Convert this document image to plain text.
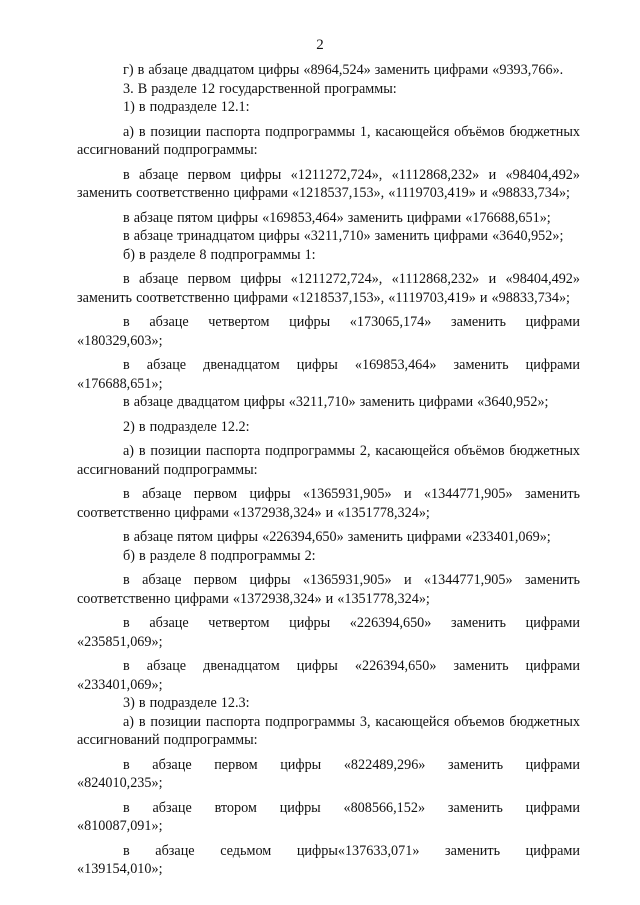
2

г) в абзаце двадцатом цифры «8964,524» заменить цифрами «9393,766».

3. В разделе 12 государственной программы:

1) в подразделе 12.1:

а) в позиции паспорта подпрограммы 1, касающейся объёмов бюджетных ассигнований подпрограммы:

в абзаце первом цифры «1211272,724», «1112868,232» и «98404,492» заменить соответственно цифрами «1218537,153», «1119703,419» и «98833,734»;

в абзаце пятом цифры «169853,464» заменить цифрами «176688,651»;

в абзаце тринадцатом цифры «3211,710» заменить цифрами «3640,952»;

б) в разделе 8 подпрограммы 1:

в абзаце первом цифры «1211272,724», «1112868,232» и «98404,492» заменить соответственно цифрами «1218537,153», «1119703,419» и «98833,734»;

в абзаце четвертом цифры «173065,174» заменить цифрами «180329,603»;

в абзаце двенадцатом цифры «169853,464» заменить цифрами «176688,651»;

в абзаце двадцатом цифры «3211,710» заменить цифрами «3640,952»;

2) в подразделе 12.2:

а) в позиции паспорта подпрограммы 2, касающейся объёмов бюджетных ассигнований подпрограммы:

в абзаце первом цифры «1365931,905» и «1344771,905» заменить соответственно цифрами «1372938,324» и «1351778,324»;

в абзаце пятом цифры «226394,650» заменить цифрами «233401,069»;

б) в разделе 8 подпрограммы 2:

в абзаце первом цифры «1365931,905» и «1344771,905» заменить соответственно цифрами «1372938,324» и «1351778,324»;

в абзаце четвертом цифры «226394,650» заменить цифрами «235851,069»;

в абзаце двенадцатом цифры «226394,650» заменить цифрами «233401,069»;

3) в подразделе 12.3:

а) в позиции паспорта подпрограммы 3, касающейся объемов бюджетных ассигнований подпрограммы:

в абзаце первом цифры «822489,296» заменить цифрами «824010,235»;

в абзаце втором цифры «808566,152» заменить цифрами «810087,091»;

в абзаце седьмом цифры«137633,071» заменить цифрами «139154,010»;
